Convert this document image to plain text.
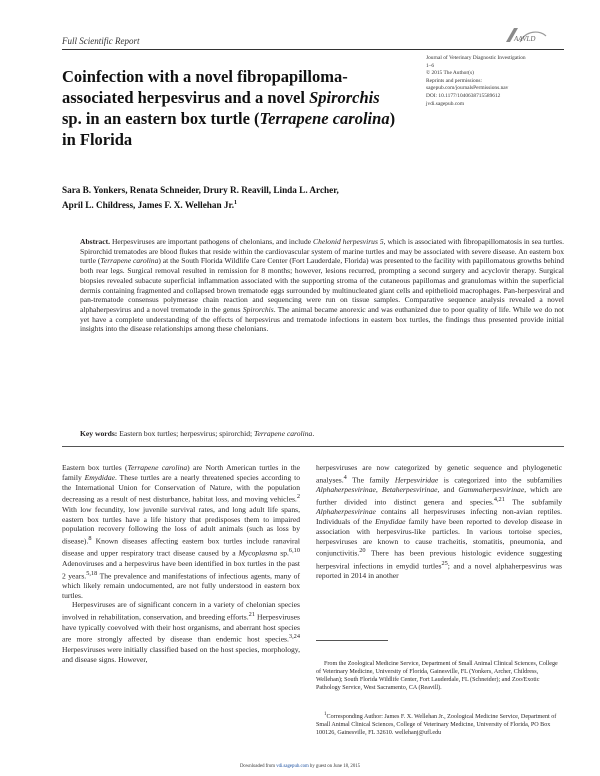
Full Scientific Report	AAVLD
Coinfection with a novel fibropapilloma-associated herpesvirus and a novel Spirorchis sp. in an eastern box turtle (Terrapene carolina) in Florida
Journal of Veterinary Diagnostic Investigation
1–6
© 2015 The Author(s)
Reprints and permissions:
sagepub.com/journalsPermissions.nav
DOI: 10.1177/1040638715589612
jvdi.sagepub.com
Sara B. Yonkers, Renata Schneider, Drury R. Reavill, Linda L. Archer,
April L. Childress, James F. X. Wellehan Jr.$^1$
Abstract. Herpesviruses are important pathogens of chelonians, and include Chelonid herpesvirus 5, which is associated with fibropapillomatosis in sea turtles. Spirorchid trematodes are blood flukes that reside within the cardiovascular system of marine turtles and may be associated with severe disease. An eastern box turtle (Terrapene carolina) at the South Florida Wildlife Care Center (Fort Lauderdale, Florida) was presented to the facility with papillomatous growths behind both rear legs. Surgical removal resulted in remission for 8 months; however, lesions recurred, prompting a second surgery and acyclovir therapy. Surgical biopsies revealed subacute superficial inflammation associated with the supporting stroma of the cutaneous papillomas and granulomas within the superficial dermis containing fragmented and collapsed brown trematode eggs surrounded by multinucleated giant cells and epithelioid macrophages. Pan-herpesviral and pan-trematode consensus polymerase chain reaction and sequencing were run on tissue samples. Comparative sequence analysis revealed a novel alphaherpesvirus and a novel trematode in the genus Spirorchis. The animal became anorexic and was euthanized due to poor quality of life. While we do not yet have a complete understanding of the effects of herpesvirus and trematode infections in eastern box turtles, the findings thus presented provide initial insights into the disease relationships among these chelonians.
Key words: Eastern box turtles; herpesvirus; spirorchid; Terrapene carolina.

Eastern box turtles (Terrapene carolina) are North American turtles in the family Emydidae. These turtles are a nearly threatened species according to the International Union for Conservation of Nature, with the population decreasing as a result of nest disturbance, habitat loss, and moving vehicles.$^2$ With low fecundity, low juvenile survival rates, and long adult life spans, eastern box turtles have a life history that predisposes them to impaired population recovery following the loss of adult animals (such as loss by disease).$^8$ Known diseases affecting eastern box turtles include ranaviral disease and upper respiratory tract disease caused by a Mycoplasma sp.$^{6,10}$ Adenoviruses and a herpesvirus have been identified in box turtles in the past 2 years.$^{5,18}$ The prevalence and manifestations of infectious agents, many of which likely remain undocumented, are not fully understood in eastern box turtles.

Herpesviruses are of significant concern in a variety of chelonian species involved in rehabilitation, conservation, and breeding efforts.$^{21}$ Herpesviruses have typically coevolved with their host organisms, and aberrant host species are more strongly affected by disease than endemic host species.$^{3,24}$ Herpesviruses were initially classified based on the host species, morphology, and disease signs. However,

herpesviruses are now categorized by genetic sequence and phylogenetic analyses.$^4$ The family Herpesviridae is categorized into the subfamilies Alphaherpesvirinae, Betaherpesvirinae, and Gammaherpesvirinae, which are further divided into distinct genera and species.$^{4,21}$ The subfamily Alphaherpesvirinae contains all herpesviruses infecting non-avian reptiles. Individuals of the Emydidae family have been reported to develop disease in association with herpesvirus-like particles. In various tortoise species, herpesviruses are known to cause tracheitis, stomatitis, pneumonia, and conjunctivitis.$^{20}$ There has been previous histologic evidence suggesting herpesviral infections in emydid turtles$^{25}$; and a novel alphaherpesvirus was reported in 2014 in another

From the Zoological Medicine Service, Department of Small Animal Clinical Sciences, College of Veterinary Medicine, University of Florida, Gainesville, FL (Yonkers, Archer, Childress, Wellehan); South Florida Wildlife Center, Fort Lauderdale, FL (Schneider); and Zoo/Exotic Pathology Service, West Sacramento, CA (Reavill).

$^1$Corresponding Author: James F. X. Wellehan Jr., Zoological Medicine Service, Department of Small Animal Clinical Sciences, College of Veterinary Medicine, University of Florida, PO Box 100126, Gainesville, FL 32610. wellehanj@ufl.edu

Downloaded from vdi.sagepub.com by guest on June 18, 2015
